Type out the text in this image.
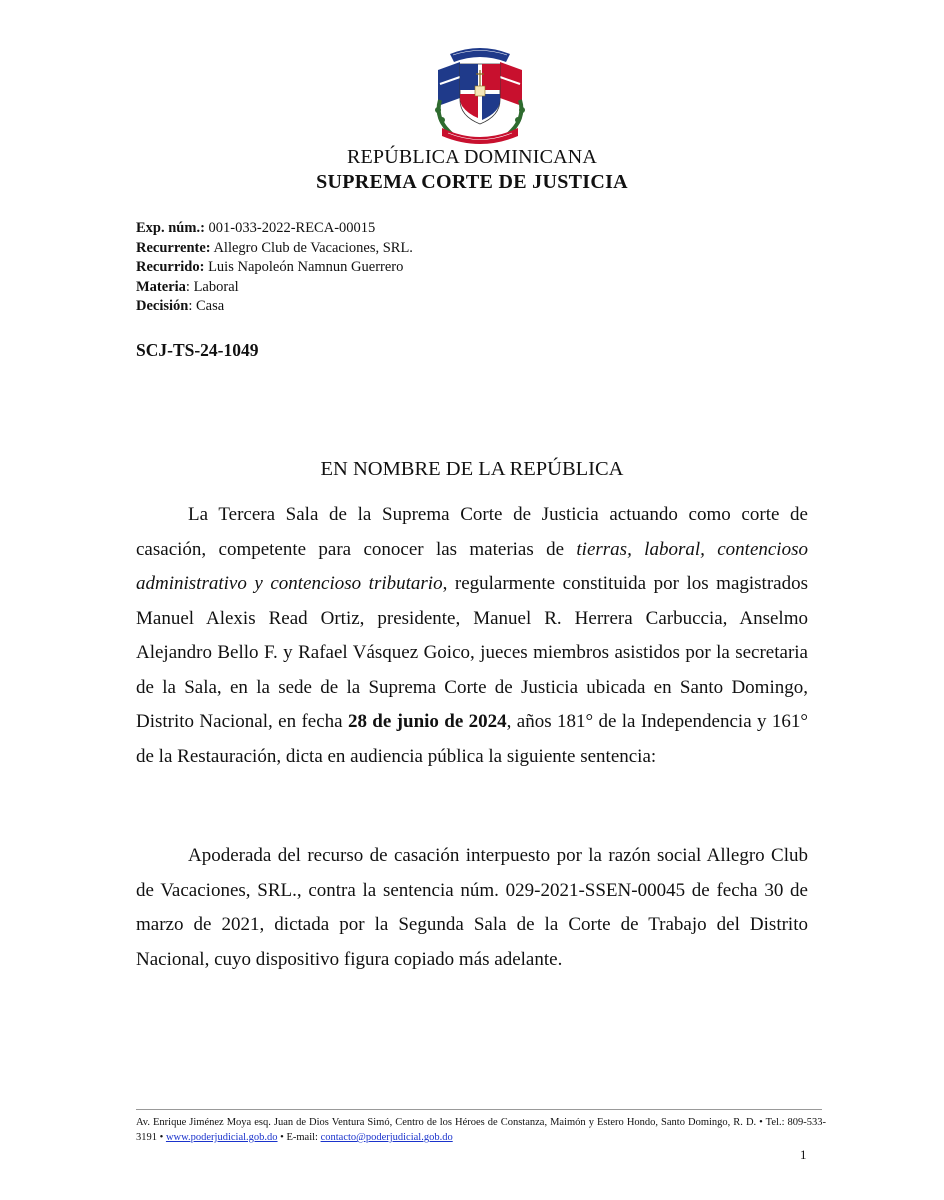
REPÚBLICA DOMINICANA
SUPREMA CORTE DE JUSTICIA
Exp. núm.: 001-033-2022-RECA-00015
Recurrente: Allegro Club de Vacaciones, SRL.
Recurrido: Luis Napoleón Namnun Guerrero
Materia: Laboral
Decisión: Casa
SCJ-TS-24-1049
EN NOMBRE DE LA REPÚBLICA

La Tercera Sala de la Suprema Corte de Justicia actuando como corte de casación, competente para conocer las materias de tierras, laboral, contencioso administrativo y contencioso tributario, regularmente constituida por los magistrados Manuel Alexis Read Ortiz, presidente, Manuel R. Herrera Carbuccia, Anselmo Alejandro Bello F. y Rafael Vásquez Goico, jueces miembros asistidos por la secretaria de la Sala, en la sede de la Suprema Corte de Justicia ubicada en Santo Domingo, Distrito Nacional, en fecha 28 de junio de 2024, años 181° de la Independencia y 161° de la Restauración, dicta en audiencia pública la siguiente sentencia:

Apoderada del recurso de casación interpuesto por la razón social Allegro Club de Vacaciones, SRL., contra la sentencia núm. 029-2021-SSEN-00045 de fecha 30 de marzo de 2021, dictada por la Segunda Sala de la Corte de Trabajo del Distrito Nacional, cuyo dispositivo figura copiado más adelante.

Av. Enrique Jiménez Moya esq. Juan de Dios Ventura Simó, Centro de los Héroes de Constanza, Maimón y Estero Hondo, Santo Domingo, R. D. • Tel.: 809-533-3191 • www.poderjudicial.gob.do • E-mail: contacto@poderjudicial.gob.do
1
